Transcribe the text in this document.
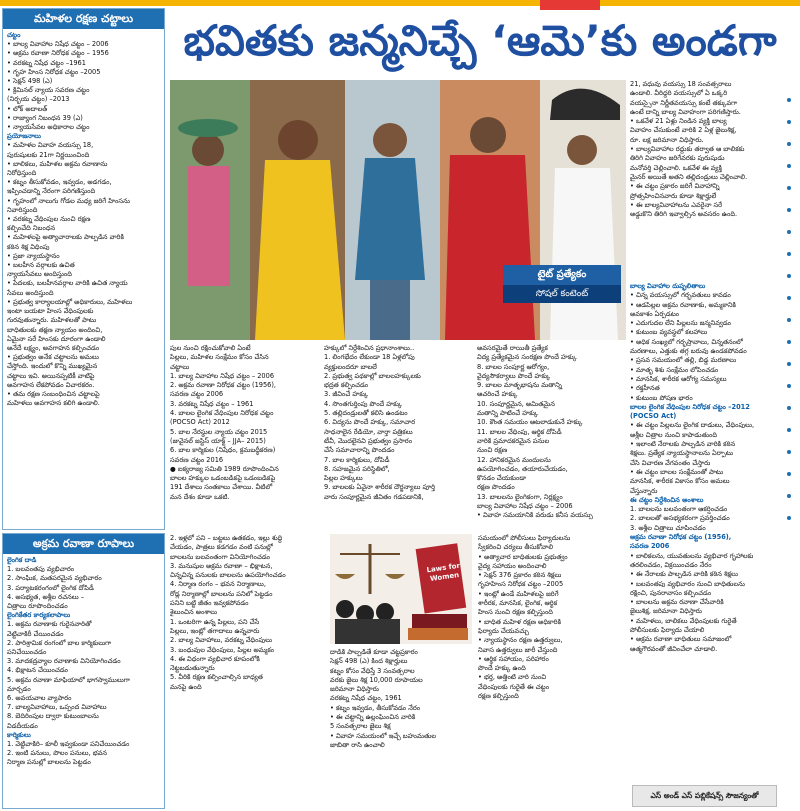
మహిళల రక్షణ చట్టాలు
చట్టం
• బాల్య వివాహాల నిషేధ చట్టం – 2006
• అక్రమ రవాణా నిరోధక చట్టం – 1956
• వరకట్న నిషేధ చట్టం –1961
• గృహ హింస నిరోధక చట్టం –2005
• సెక్షన్ 498 (ఎ)
• క్రిమినల్ న్యాయ సవరణ చట్టం
(నిర్భయ చట్టం) –2013
• లోక్ అదాలత్
• రాజ్యాంగ నిబంధన 39 (ఎ)
• న్యాయసేవల అధికారాల చట్టం
ప్రయోజనాలు
• మహిళల వివాహ వయస్సు 18,
పురుషులకు 21గా నిర్ణయించింది
• బాలికలు, మహిళల అక్రమ రవాణాను
నిరోధిస్తుంది
• కట్నం తీసుకోవడం, ఇవ్వడం, అడగడం,
ఇప్పించడాన్ని నేరంగా పరిగణిస్తుంది
• గృహంలో నాలుగు గోడల మధ్య జరిగే హింసను
నివారిస్తుంది
• వరకట్న వేధింపుల నుంచి రక్షణ
కల్పించేది నిబంధన
• మహిళలపై అత్యాచారాలకు పాల్పడిన వారికి
కఠిన శిక్ష విధింపు
• ప్రజా న్యాయస్థానం
• బలహీన వర్గాలకు ఉచిత
న్యాయసేవలు అందిస్తుంది
• పేదలకు, బలహీనవర్గాల వారికి ఉచిత న్యాయ
సేవలు అందిస్తుంది
• ప్రభుత్వ కార్యాలయాల్లో అధికారులు, మహిళలు
ఇంటా బయటా హింస వేధింపులకు
గురవుతున్నారు. మహిళలతో పాటు
బాధితులకు తక్షణ న్యాయం అందించి,
ఏమైనా సరే హింసకు దూరంగా ఉండాలి
అనేదే లక్ష్యం, అవగాహన కల్పించడం
• ప్రభుత్వం అనేక చట్టాలను అమలు
చేస్తోంది. ఇందులో కొన్ని ముఖ్యమైన
చట్టాలు ఇవి. అయినప్పటికీ వాటిపై
అవగాహన లేకపోవడం విచారకరం.
• తమ రక్షణ సంబంధించిన చట్టాలపై
మహిళలు అవగాహన కలిగి ఉండాలి.
భవితకు జన్మనిచ్చే ‘ఆమె’కు అండగా
టైట్ ప్రత్యేకం
సోషల్ కంటెంట్
పుల నుంచి రక్షించుకోవాలి ఏంటే
పిల్లలు, మహిళల సంక్షేమం కోసం చేసిన
చట్టాలు
1. బాల్య వివాహాల నిషేధ చట్టం – 2006
2. అక్రమ రవాణా నిరోధక చట్టం (1956),
సవరణ చట్టం 2006
3. వరకట్న నిషేధ చట్టం – 1961
4. బాలల లైంగిక వేధింపుల నిరోధక చట్టం
(POCSO Act) 2012
5. బాల నేరస్థుల న్యాయ చట్టం 2015
(జువైనల్ జస్టిస్ యాక్ట్ – JJA– 2015)
6. బాల కార్మికుల (నిషేధం, క్రమబద్ధీకరణ)
సవరణ చట్టం 2016
● ఐక్యరాజ్య సమితి 1989 రూపొందించిన
బాలల హక్కుల ఒడంబడికపై ఒడంబడికపై
191 దేశాలు సంతకాలు చేశాయి. వీటిలో
మన దేశం కూడా ఒకటి.
హక్కులో నిర్దేశించిన ప్రధానాంశాలు..
1. లింగభేదం లేకుండా 18 ఏళ్లలోపు
వ్యక్తులందరూ బాలలే
2. ప్రభుత్వ పథకాల్లో బాలలహక్కులకు
భద్రత కల్పించడం
3. జీవించే హక్కు
4. సొంతగుర్తింపు పొందే హక్కు
5. తల్లిదండ్రులతో కలిసి ఉండటం
6. విద్యను పొందే హక్కు, సమాచార
సాధనాలైన రేడియో, వార్తా పత్రికలు
టీవీ, మొదలైనవి ప్రభుత్వం ప్రసారం
చేసే సమాచారాన్ని పొందడం
7. బాల కార్మికులు, దోపిడీ
8. సహజమైన పరిస్థితిలో,
పిల్లల హక్కులు
9. బాలలకు ఏవైనా శారీరక దౌర్జన్యాలు పూర్తి
వారు సంపూర్ణమైన జీవితం గడపడానికి,
అవసరమైతే రాయితీ ప్రత్యేక
విద్య ప్రత్యేకమైన సంరక్షణ పొందే హక్కు
8. బాలల సంపూర్ణ ఆరోగ్యం,
వైద్యసౌకర్యాలు పొందే హక్కు
9. బాలల మాతృభాషను మతాన్ని
ఆచరించే హక్కు
10. సంపూర్ణమైన, అమితమైన
మతాన్ని పాటించే హక్కు
10. కౌంత సమయం ఆటలాడుకునే హక్కు
11. బాలల వేధింపు, ఆర్థిక దోపిడీ
వారికి ప్రమాదకరమైన పనుల
నుంచి రక్షణ
12. హానికరమైన మందులను
ఉపయోగించడం, తయారుచేయడం,
కొనడం చేయకుండా
రక్షణ పొందడం
13. బాలలను లైంగికంగా, నిర్లక్ష్యం
బాల్య వివాహాల నిషేధ చట్టం – 2006
• వివాహ సమయానికి వరుడు కనీస వయస్సు
21, వధువు వయస్సు 18 సంవత్సరాలు
ఉండాలి. వీరిద్దరి వయస్సులో ఏ ఒక్కరి
వయస్సైనా నిర్ణీతవయస్సు కంటే తక్కువగా
ఉంటే దాన్ని బాల్య వివాహంగా పరిగణిస్తారు.
• ఒకవేళ 21 ఏళ్లు నిండిన వ్యక్తి బాల్య
వివాహం చేసుకుంటే వారికి 2 ఏళ్ల జైలుశిక్ష,
రూ. లక్ష జరిమానా విధిస్తారు.
• బాల్యవివాహాల రద్దుకు తర్వాత ఆ బాలికకు
తిరిగి వివాహం జరిగేవరకు పురుషుడు
మనోవర్తి చెల్లించాలి. ఒకవేళ ఈ వ్యక్తి
మైనర్ అయితే అతని తల్లిదండ్రులు చెల్లించాలి.
• ఈ చట్టం ప్రకారం జరిగే వివాహాన్ని
ప్రోత్సహించినవారు కూడా శిక్షార్హులే
• ఈ బాల్యవివాహాలను ఎవరైనా సరే
అడ్డుకొని తిరిగి ఇవ్వాల్సిన అవసరం ఉంది.
బాల్య వివాహాల దుష్ఫలితాలు
• చిన్న వయస్సులో గర్భవతులు కావడం
• ఆడపిల్లల అక్రమ రవాణాకు, అమ్మకానికి
అవకాశం ఏర్పడటం
• ఎదుగుదల లేని పిల్లలను జన్మనివ్వడం
• కుటుంబ వ్యవస్థలో కలహాలు
• అధిక సంఖ్యలో గర్భస్రావాలు, చిన్నతనంలో
మరణాలు, ఎత్తుకు తగ్గ బరువు ఉండకపోవడం
• ప్రసవ సమయంలో తల్లి, బిడ్డ మరణాలు
• మాతృ శిశు సంక్షేమం లోపించడం
• మానసిక, శారీరక ఆరోగ్య సమస్యలు
• రక్తహీనత
• కుటుంబ పోషణ భారం
బాలల లైంగిక వేధింపుల నిరోధక చట్టం –2012
(POCSO Act)
• ఈ చట్టం పిల్లలను లైంగిక దాడులు, వేధింపులు,
అశ్లీల చిత్రాల నుంచి కాపాడుతుంది
• ఇలాంటి నేరాలకు పాల్పడిన వారికి కఠిన
శిక్షలు. ప్రత్యేక న్యాయస్థానాలను ఏర్పాటు
చేసి విచారణ వేగవంతం చేస్తారు
• ఈ చట్టం బాలల సంక్షేమంతో పాటు
మానసిక, శారీరక వికాసం కోసం అమలు
చేస్తున్నారు
ఈ చట్టం నిర్దేశించిన అంశాలు
1. బాలలను బలవంతంగా ఆకర్షించడం
2. బాలలతో అసభ్యకరంగా ప్రవర్తించడం
3. అశ్లీల చిత్రాలు చూపించడం
అక్రమ రవాణా నిరోధక చట్టం (1956),
సవరణ 2006
• బాలికలను, యువతులను వ్యభిచార గృహాలకు
తరలించడం, విక్రయించడం నేరం
• ఈ నేరాలకు పాల్పడిన వారికి కఠిన శిక్షలు
• బలవంతపు వ్యభిచారం నుంచి బాధితులను
రక్షించి, పునరావాసం కల్పించడం
• బాలలను అక్రమ రవాణా చేసేవారికి
జైలుశిక్ష, జరిమానా విధిస్తారు
• మహిళలు, బాలికలు వేధింపులకు గురైతే
పోలీసులకు ఫిర్యాదు చేయాలి
• అక్రమ రవాణా బాధితులు సమాజంలో
ఆత్మగౌరవంతో జీవించేలా చూడాలి.
అక్రమ రవాణా రూపాలు
లైంగిక దాడి
1. బలవంతపు వ్యభిచారం
2. సాంఘిక, మతపరమైన వ్యభిచారం
3. పర్యాటకరంగంలో లైంగిక దోపిడీ
4. అసభ్యత, అశ్లీల రచనలు –
చిత్రాలు రూపొందించడం
లైంగికేతర కార్యకలాపాలు
1. అక్రమ రవాణాకు గురైనవారితో
వెట్టిచాకిరీ చేయించడం
2. పారిశ్రామిక రంగంలో బాల కార్మికులుగా
పనిచేయించడం
3. మాదకద్రవ్యాల రవాణాకు వినియోగించడం
4. భిక్షాటన చేయించడం
5. అక్రమ రవాణా మాఫియాలో భాగస్వాములుగా
మార్చడం
6. అవయవాల వ్యాపారం
7. బాల్యవివాహాలు, ఒప్పంద వివాహాలు
8. బెదిరింపుల ద్వారా కుటుంబాలను
విడదీయడం
కార్మికులు
1. వెట్టిచాకిరి– కూలీ ఇవ్వకుండా పనిచేయించడం
2. ఇంటి పనులు, పొలం పనులు, భవన
నిర్మాణ పనుల్లో బాలలను పెట్టడం
2. ఇళ్లలో పని – బట్టలు ఉతకడం, ఇల్లు శుద్ధి
చేయడం, పాత్రలు కడగడం వంటి పనుల్లో
బాలలను బలవంతంగా వినియోగించడం
3. మనుషుల అక్రమ రవాణా – భిక్షాటన,
చిన్నచిన్న పనులకు బాలలను ఉపయోగించడం
4. నిర్మాణ రంగం – భవన నిర్మాణాలు,
రోడ్ల నిర్మాణాల్లో బాలలను పనిలో పెట్టడం
పనిని బట్టి జీతం ఇవ్వకపోవడం
శైలుంచిన అంశాలు
1. ఒంటరిగా ఉన్న పిల్లలు, పని చేసే
పిల్లలు, ఇంట్లో తగాదాలు ఉన్నవారు
2. బాల్య వివాహాలు, వరకట్న వేధింపులు
3. బంధువుల వేధింపులు, పిల్లల అమ్మకం
4. ఈ విధంగా వ్యభిచార కూపంలోకి
నెట్టబడుతున్నారు
5. వీరికి రక్షణ కల్పించాల్సిన బాధ్యత
మనపై ఉంది
Laws for Women
దాడికి పాల్పడితే కూడా చట్టప్రకారం
సెక్షన్ 498 (ఎ) కింద శిక్షార్హులు
కట్నం కోసం వేధిస్తే 3 సంవత్సరాల
వరకు జైలు శిక్ష 10,000 రూపాయల
జరిమానా విధిస్తారు
వరకట్న నిషేధ చట్టం, 1961
• కట్నం ఇవ్వడం, తీసుకోవడం నేరం
• ఈ చట్టాన్ని ఉల్లంఘించిన వారికి
5 సంవత్సరాల జైలు శిక్ష
• వివాహ సమయంలో ఇచ్చే బహుమతుల
జాబితా రాసి ఉంచాలి
సమయంలో పోలీసులు ఫిర్యాదులను
స్వీకరించి చర్యలు తీసుకోవాలి
• అత్యాచార బాధితులకు ప్రభుత్వం
వైద్య సహాయం అందించాలి
• సెక్షన్ 376 ప్రకారం కఠిన శిక్షలు
గృహహింస నిరోధక చట్టం –2005
• ఇంట్లో ఉండే మహిళలపై జరిగే
శారీరక, మానసిక, లైంగిక, ఆర్థిక
హింస నుంచి రక్షణ కల్పిస్తుంది
• బాధిత మహిళ రక్షణ అధికారికి
ఫిర్యాదు చేయవచ్చు
• న్యాయస్థానం రక్షణ ఉత్తర్వులు,
నివాస ఉత్తర్వులు జారీ చేస్తుంది
• ఆర్థిక సహాయం, పరిహారం
పొందే హక్కు ఉంది
• భర్త, అత్తింటి వారి నుంచి
వేధింపులకు గురైతే ఈ చట్టం
రక్షణ కల్పిస్తుంది
ఎస్ అండ్ ఎస్ పబ్లికేషన్స్ సౌజన్యంతో
